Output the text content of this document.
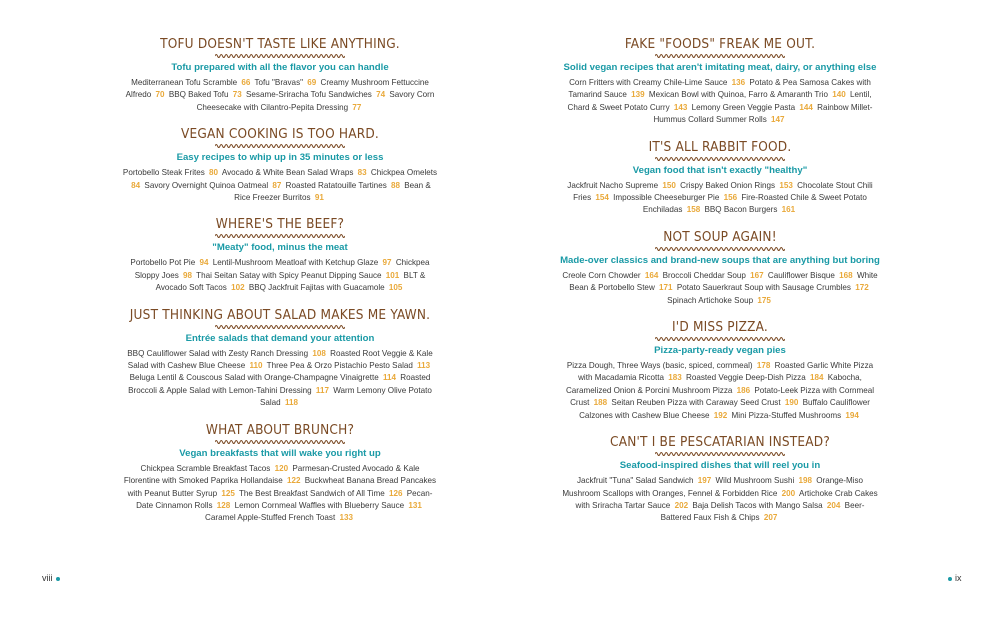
TOFU DOESN'T TASTE LIKE ANYTHING.
Tofu prepared with all the flavor you can handle
Mediterranean Tofu Scramble 66 Tofu "Bravas" 69 Creamy Mushroom Fettuccine Alfredo 70 BBQ Baked Tofu 73 Sesame-Sriracha Tofu Sandwiches 74 Savory Corn Cheesecake with Cilantro-Pepita Dressing 77
VEGAN COOKING IS TOO HARD.
Easy recipes to whip up in 35 minutes or less
Portobello Steak Frites 80 Avocado & White Bean Salad Wraps 83 Chickpea Omelets 84 Savory Overnight Quinoa Oatmeal 87 Roasted Ratatouille Tartines 88 Bean & Rice Freezer Burritos 91
WHERE'S THE BEEF?
"Meaty" food, minus the meat
Portobello Pot Pie 94 Lentil-Mushroom Meatloaf with Ketchup Glaze 97 Chickpea Sloppy Joes 98 Thai Seitan Satay with Spicy Peanut Dipping Sauce 101 BLT & Avocado Soft Tacos 102 BBQ Jackfruit Fajitas with Guacamole 105
JUST THINKING ABOUT SALAD MAKES ME YAWN.
Entrée salads that demand your attention
BBQ Cauliflower Salad with Zesty Ranch Dressing 108 Roasted Root Veggie & Kale Salad with Cashew Blue Cheese 110 Three Pea & Orzo Pistachio Pesto Salad 113 Beluga Lentil & Couscous Salad with Orange-Champagne Vinaigrette 114 Roasted Broccoli & Apple Salad with Lemon-Tahini Dressing 117 Warm Lemony Olive Potato Salad 118
WHAT ABOUT BRUNCH?
Vegan breakfasts that will wake you right up
Chickpea Scramble Breakfast Tacos 120 Parmesan-Crusted Avocado & Kale Florentine with Smoked Paprika Hollandaise 122 Buckwheat Banana Bread Pancakes with Peanut Butter Syrup 125 The Best Breakfast Sandwich of All Time 126 Pecan-Date Cinnamon Rolls 128 Lemon Cornmeal Waffles with Blueberry Sauce 131 Caramel Apple-Stuffed French Toast 133
FAKE "FOODS" FREAK ME OUT.
Solid vegan recipes that aren't imitating meat, dairy, or anything else
Corn Fritters with Creamy Chile-Lime Sauce 136 Potato & Pea Samosa Cakes with Tamarind Sauce 139 Mexican Bowl with Quinoa, Farro & Amaranth Trio 140 Lentil, Chard & Sweet Potato Curry 143 Lemony Green Veggie Pasta 144 Rainbow Millet-Hummus Collard Summer Rolls 147
IT'S ALL RABBIT FOOD.
Vegan food that isn't exactly "healthy"
Jackfruit Nacho Supreme 150 Crispy Baked Onion Rings 153 Chocolate Stout Chili Fries 154 Impossible Cheeseburger Pie 156 Fire-Roasted Chile & Sweet Potato Enchiladas 158 BBQ Bacon Burgers 161
NOT SOUP AGAIN!
Made-over classics and brand-new soups that are anything but boring
Creole Corn Chowder 164 Broccoli Cheddar Soup 167 Cauliflower Bisque 168 White Bean & Portobello Stew 171 Potato Sauerkraut Soup with Sausage Crumbles 172 Spinach Artichoke Soup 175
I'D MISS PIZZA.
Pizza-party-ready vegan pies
Pizza Dough, Three Ways (basic, spiced, cornmeal) 178 Roasted Garlic White Pizza with Macadamia Ricotta 183 Roasted Veggie Deep-Dish Pizza 184 Kabocha, Caramelized Onion & Porcini Mushroom Pizza 186 Potato-Leek Pizza with Cornmeal Crust 188 Seitan Reuben Pizza with Caraway Seed Crust 190 Buffalo Cauliflower Calzones with Cashew Blue Cheese 192 Mini Pizza-Stuffed Mushrooms 194
CAN'T I BE PESCATARIAN INSTEAD?
Seafood-inspired dishes that will reel you in
Jackfruit "Tuna" Salad Sandwich 197 Wild Mushroom Sushi 198 Orange-Miso Mushroom Scallops with Oranges, Fennel & Forbidden Rice 200 Artichoke Crab Cakes with Sriracha Tartar Sauce 202 Baja Delish Tacos with Mango Salsa 204 Beer-Battered Faux Fish & Chips 207
viii	ix
